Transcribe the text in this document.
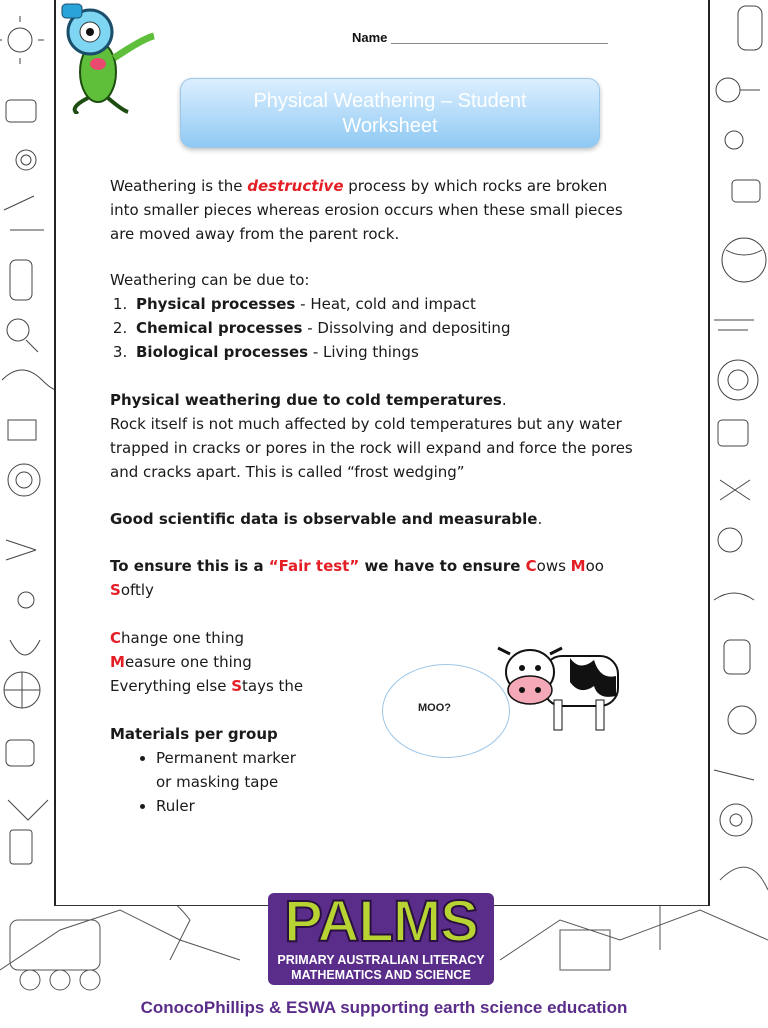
Name ______________________________
Physical Weathering – Student
Worksheet
Weathering is the destructive process by which rocks are broken into smaller pieces whereas erosion occurs when these small pieces are moved away from the parent rock.
Weathering can be due to:
1. Physical processes - Heat, cold and impact
2. Chemical processes - Dissolving and depositing
3. Biological processes - Living things
Physical weathering due to cold temperatures.
Rock itself is not much affected by cold temperatures but any water trapped in cracks or pores in the rock will expand and force the pores and cracks apart. This is called “frost wedging”
Good scientific data is observable and measurable.
To ensure this is a “Fair test” we have to ensure Cows Moo
Softly
Change one thing
Measure one thing
Everything else Stays the
MOO?
Materials per group
• Permanent marker or masking tape
• Ruler
PALMS
PRIMARY AUSTRALIAN LITERACY
MATHEMATICS AND SCIENCE
ConocoPhillips & ESWA supporting earth science education
